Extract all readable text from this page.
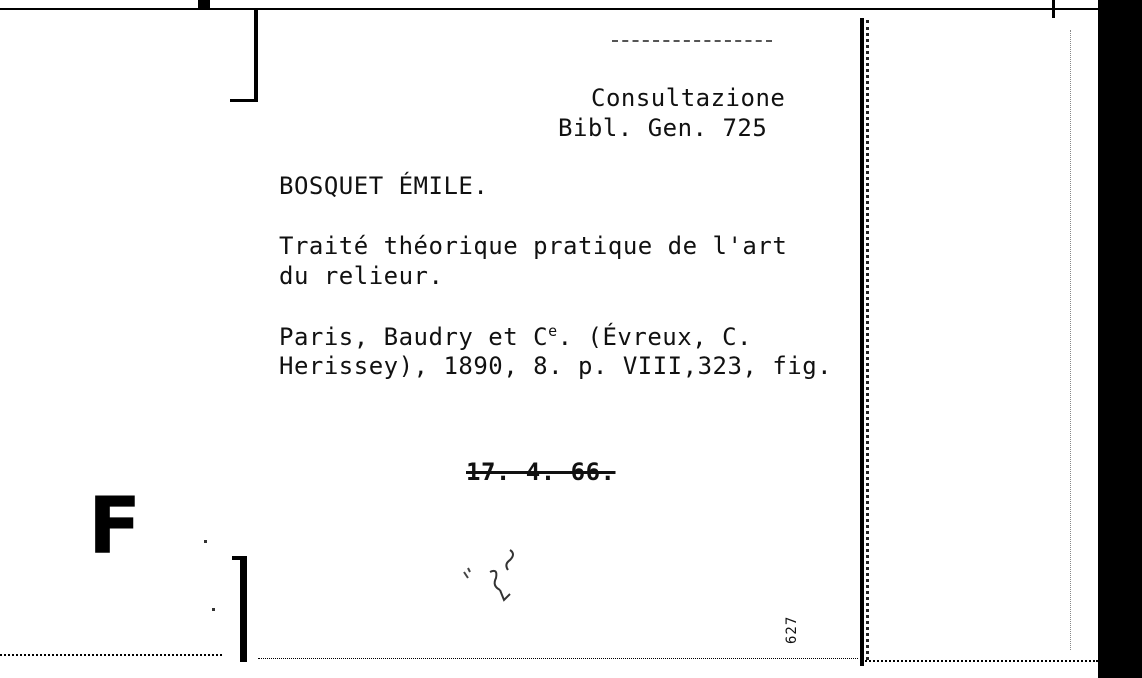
Consultazione
Bibl. Gen. 725
BOSQUET ÉMILE.
Traité théorique pratique de l'art
du relieur.
Paris, Baudry et Ce. (Évreux, C.
Herissey), 1890, 8. p. VIII,323, fig.
17. 4. 66.
F
627
